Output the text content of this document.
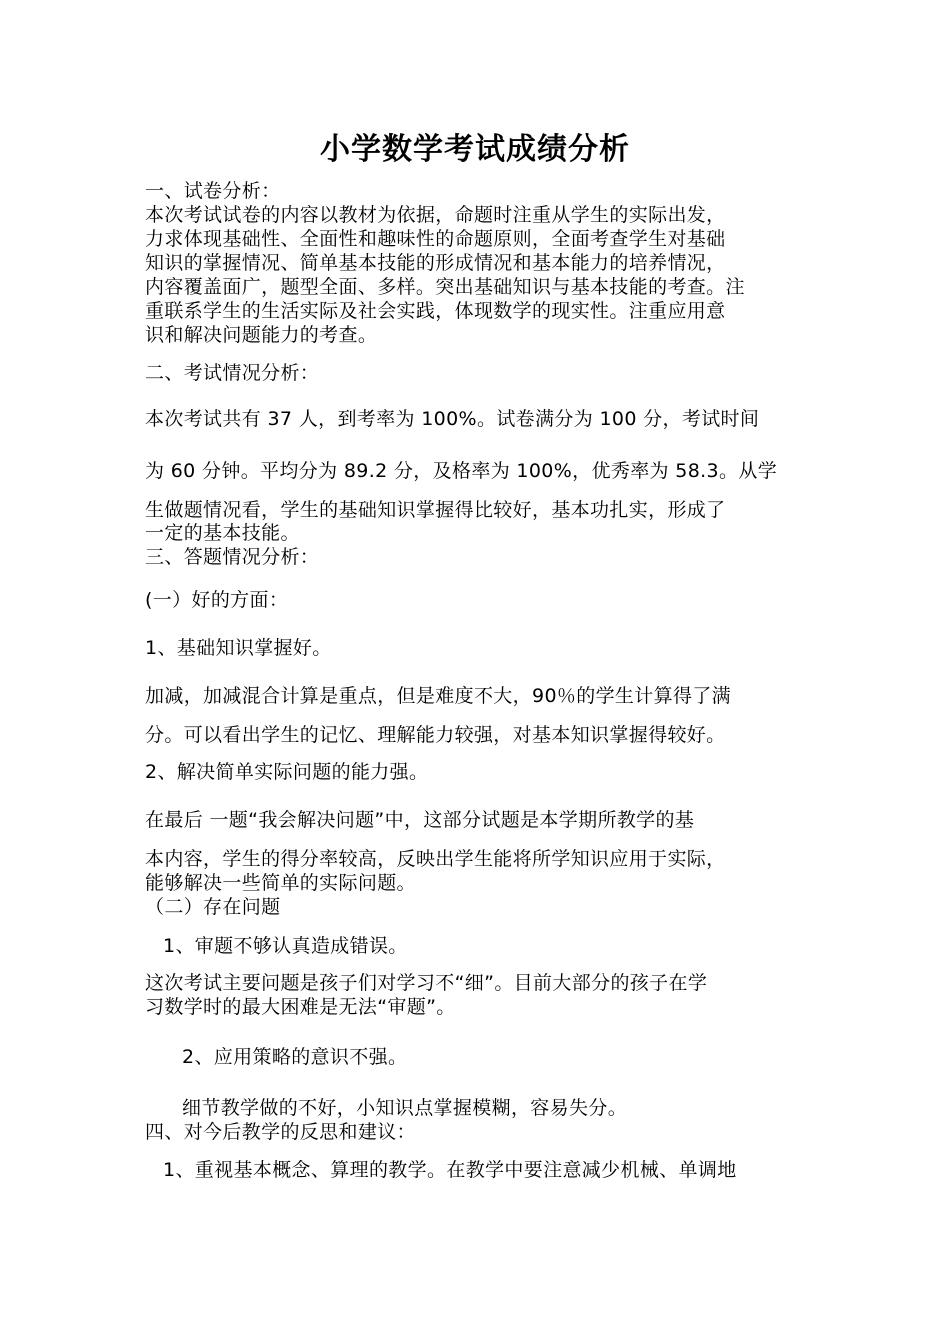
小学数学考试成绩分析
一、试卷分析：
本次考试试卷的内容以教材为依据，命题时注重从学生的实际出发，
力求体现基础性、全面性和趣味性的命题原则，全面考查学生对基础
知识的掌握情况、简单基本技能的形成情况和基本能力的培养情况，
内容覆盖面广，题型全面、多样。突出基础知识与基本技能的考查。注
重联系学生的生活实际及社会实践，体现数学的现实性。注重应用意
识和解决问题能力的考查。
二、考试情况分析：
本次考试共有 37 人，到考率为 100%。试卷满分为 100 分，考试时间
为 60 分钟。平均分为 89.2 分，及格率为 100%，优秀率为 58.3。从学
生做题情况看，学生的基础知识掌握得比较好，基本功扎实，形成了
一定的基本技能。
三、答题情况分析：
(一）好的方面：
1、基础知识掌握好。
加减，加减混合计算是重点，但是难度不大，90％的学生计算得了满
分。可以看出学生的记忆、理解能力较强，对基本知识掌握得较好。
2、解决简单实际问题的能力强。
在最后 一题“我会解决问题”中，这部分试题是本学期所教学的基
本内容，学生的得分率较高，反映出学生能将所学知识应用于实际，
能够解决一些简单的实际问题。
（二）存在问题
1、审题不够认真造成错误。
这次考试主要问题是孩子们对学习不“细”。目前大部分的孩子在学
习数学时的最大困难是无法“审题”。
2、应用策略的意识不强。
细节教学做的不好，小知识点掌握模糊，容易失分。
四、对今后教学的反思和建议：
1、重视基本概念、算理的教学。在教学中要注意减少机械、单调地
